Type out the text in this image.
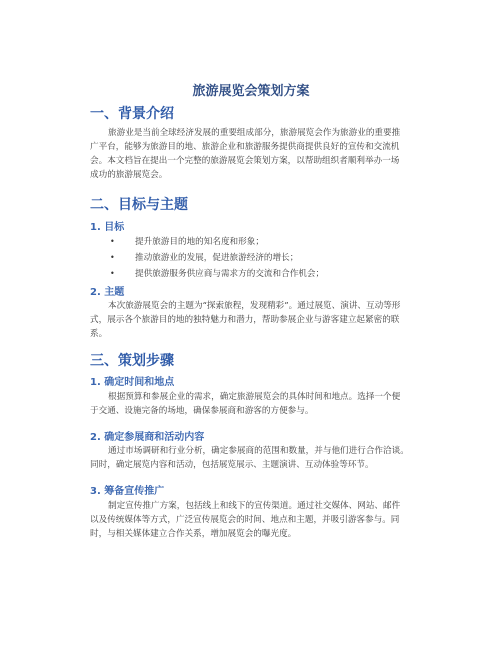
旅游展览会策划方案
一、背景介绍
旅游业是当前全球经济发展的重要组成部分，旅游展览会作为旅游业的重要推
广平台，能够为旅游目的地、旅游企业和旅游服务提供商提供良好的宣传和交流机
会。本文档旨在提出一个完整的旅游展览会策划方案，以帮助组织者顺利举办一场
成功的旅游展览会。
二、目标与主题
1. 目标
• 提升旅游目的地的知名度和形象；
• 推动旅游业的发展，促进旅游经济的增长；
• 提供旅游服务供应商与需求方的交流和合作机会；
2. 主题
本次旅游展览会的主题为“探索旅程，发现精彩”。通过展览、演讲、互动等形
式，展示各个旅游目的地的独特魅力和潜力，帮助参展企业与游客建立起紧密的联
系。
三、策划步骤
1. 确定时间和地点
根据预算和参展企业的需求，确定旅游展览会的具体时间和地点。选择一个便
于交通、设施完备的场地，确保参展商和游客的方便参与。
2. 确定参展商和活动内容
通过市场调研和行业分析，确定参展商的范围和数量，并与他们进行合作洽谈。
同时，确定展览内容和活动，包括展览展示、主题演讲、互动体验等环节。
3. 筹备宣传推广
制定宣传推广方案，包括线上和线下的宣传渠道。通过社交媒体、网站、邮件
以及传统媒体等方式，广泛宣传展览会的时间、地点和主题，并吸引游客参与。同
时，与相关媒体建立合作关系，增加展览会的曝光度。
